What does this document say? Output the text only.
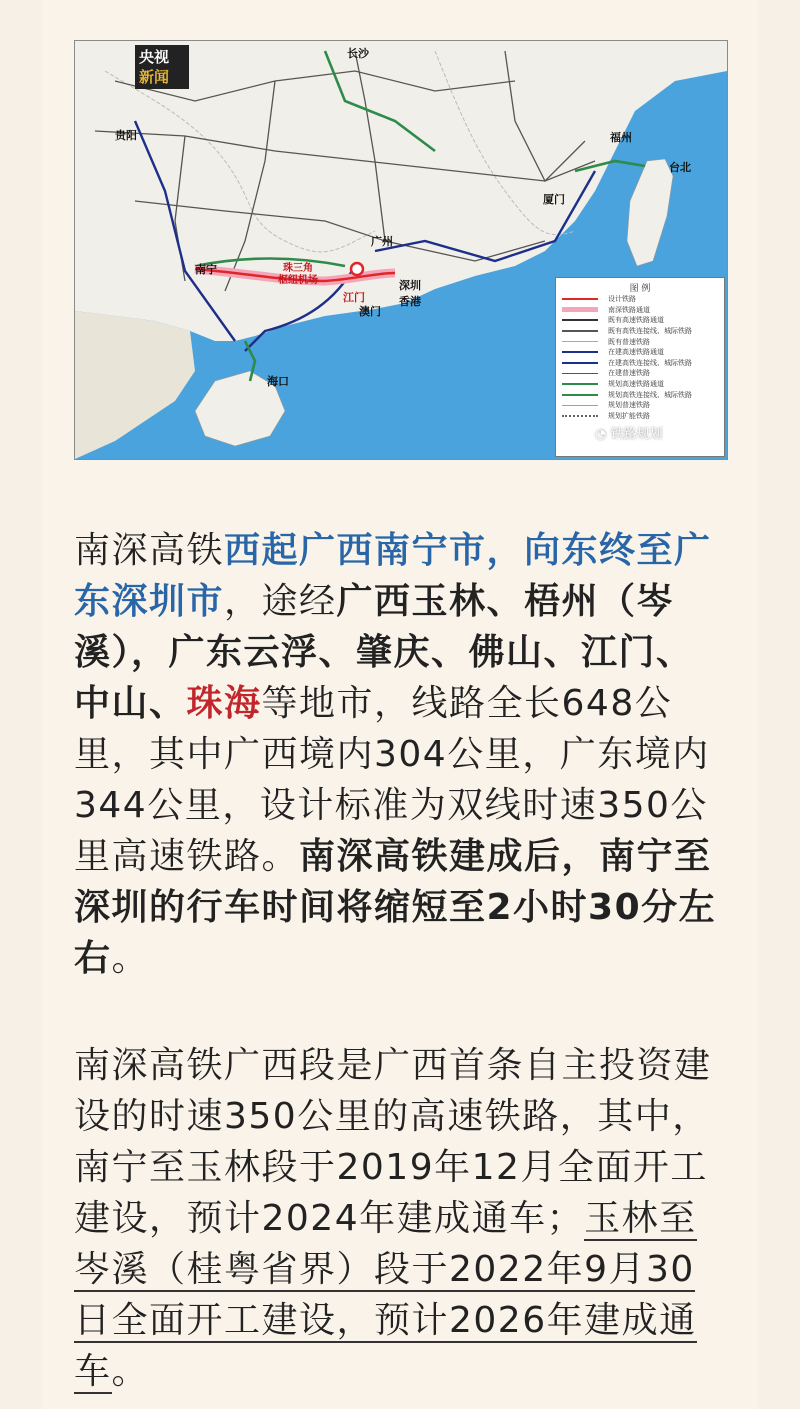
央视
新闻
长沙
贵阳	福州
台北
厦门
广州
南宁	珠三角
枢纽机场
江门
深圳
香港
澳门
海口
图 例
设计铁路
南深铁路通道
既有高速铁路通道
既有高铁连接线、城际铁路
既有普速铁路
在建高速铁路通道
在建高铁连接线、城际铁路
在建普速铁路
规划高速铁路通道
规划高铁连接线、城际铁路
规划普速铁路
规划扩能铁路
◔ 铁路规划
南深高铁西起广西南宁市，向东终至广东深圳市，途经广西玉林、梧州（岑溪），广东云浮、肇庆、佛山、江门、中山、珠海等地市，线路全长648公里，其中广西境内304公里，广东境内344公里，设计标准为双线时速350公里高速铁路。南深高铁建成后，南宁至深圳的行车时间将缩短至2小时30分左右。
南深高铁广西段是广西首条自主投资建设的时速350公里的高速铁路，其中，南宁至玉林段于2019年12月全面开工建设，预计2024年建成通车；玉林至岑溪（桂粤省界）段于2022年9月30日全面开工建设，预计2026年建成通车。
